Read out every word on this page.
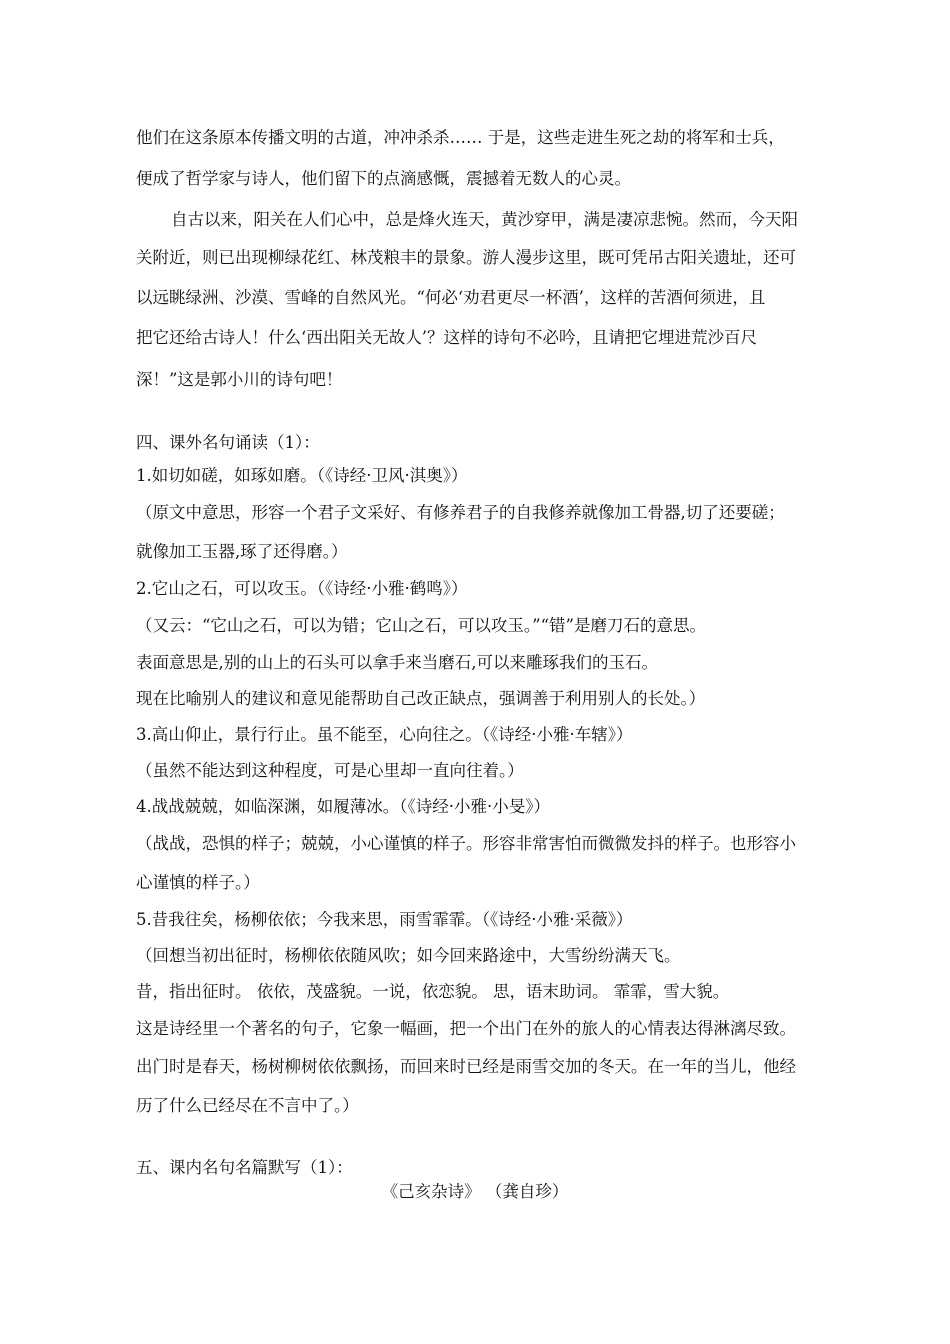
他们在这条原本传播文明的古道，冲冲杀杀…… 于是，这些走进生死之劫的将军和士兵，
便成了哲学家与诗人，他们留下的点滴感慨，震撼着无数人的心灵。
自古以来，阳关在人们心中，总是烽火连天，黄沙穿甲，满是凄凉悲惋。然而，今天阳
关附近，则已出现柳绿花红、林茂粮丰的景象。游人漫步这里，既可凭吊古阳关遗址，还可
以远眺绿洲、沙漠、雪峰的自然风光。“何必‘劝君更尽一杯酒’，这样的苦酒何须进，且
把它还给古诗人！什么‘西出阳关无故人’？这样的诗句不必吟，且请把它埋进荒沙百尺
深！”这是郭小川的诗句吧！
四、课外名句诵读（1）：
1.如切如磋，如琢如磨。（《诗经·卫风·淇奥》）
（原文中意思，形容一个君子文采好、有修养君子的自我修养就像加工骨器,切了还要磋；
就像加工玉器,琢了还得磨。）
2.它山之石，可以攻玉。（《诗经·小雅·鹤鸣》）
（又云：“它山之石，可以为错；它山之石，可以攻玉。”“错”是磨刀石的意思。
表面意思是,别的山上的石头可以拿手来当磨石,可以来雕琢我们的玉石。
现在比喻别人的建议和意见能帮助自己改正缺点，强调善于利用别人的长处。）
3.高山仰止，景行行止。虽不能至，心向往之。（《诗经·小雅·车辖》）
（虽然不能达到这种程度，可是心里却一直向往着。）
4.战战兢兢，如临深渊，如履薄冰。（《诗经·小雅·小旻》）
（战战，恐惧的样子；兢兢，小心谨慎的样子。形容非常害怕而微微发抖的样子。也形容小
心谨慎的样子。）
5.昔我往矣，杨柳依依；今我来思，雨雪霏霏。（《诗经·小雅·采薇》）
（回想当初出征时，杨柳依依随风吹；如今回来路途中，大雪纷纷满天飞。
昔，指出征时。 依依，茂盛貌。一说，依恋貌。 思，语末助词。 霏霏，雪大貌。
这是诗经里一个著名的句子，它象一幅画，把一个出门在外的旅人的心情表达得淋漓尽致。
出门时是春天，杨树柳树依依飘扬，而回来时已经是雨雪交加的冬天。在一年的当儿，他经
历了什么已经尽在不言中了。）
五、课内名句名篇默写（1）：
《己亥杂诗》 （龚自珍）
